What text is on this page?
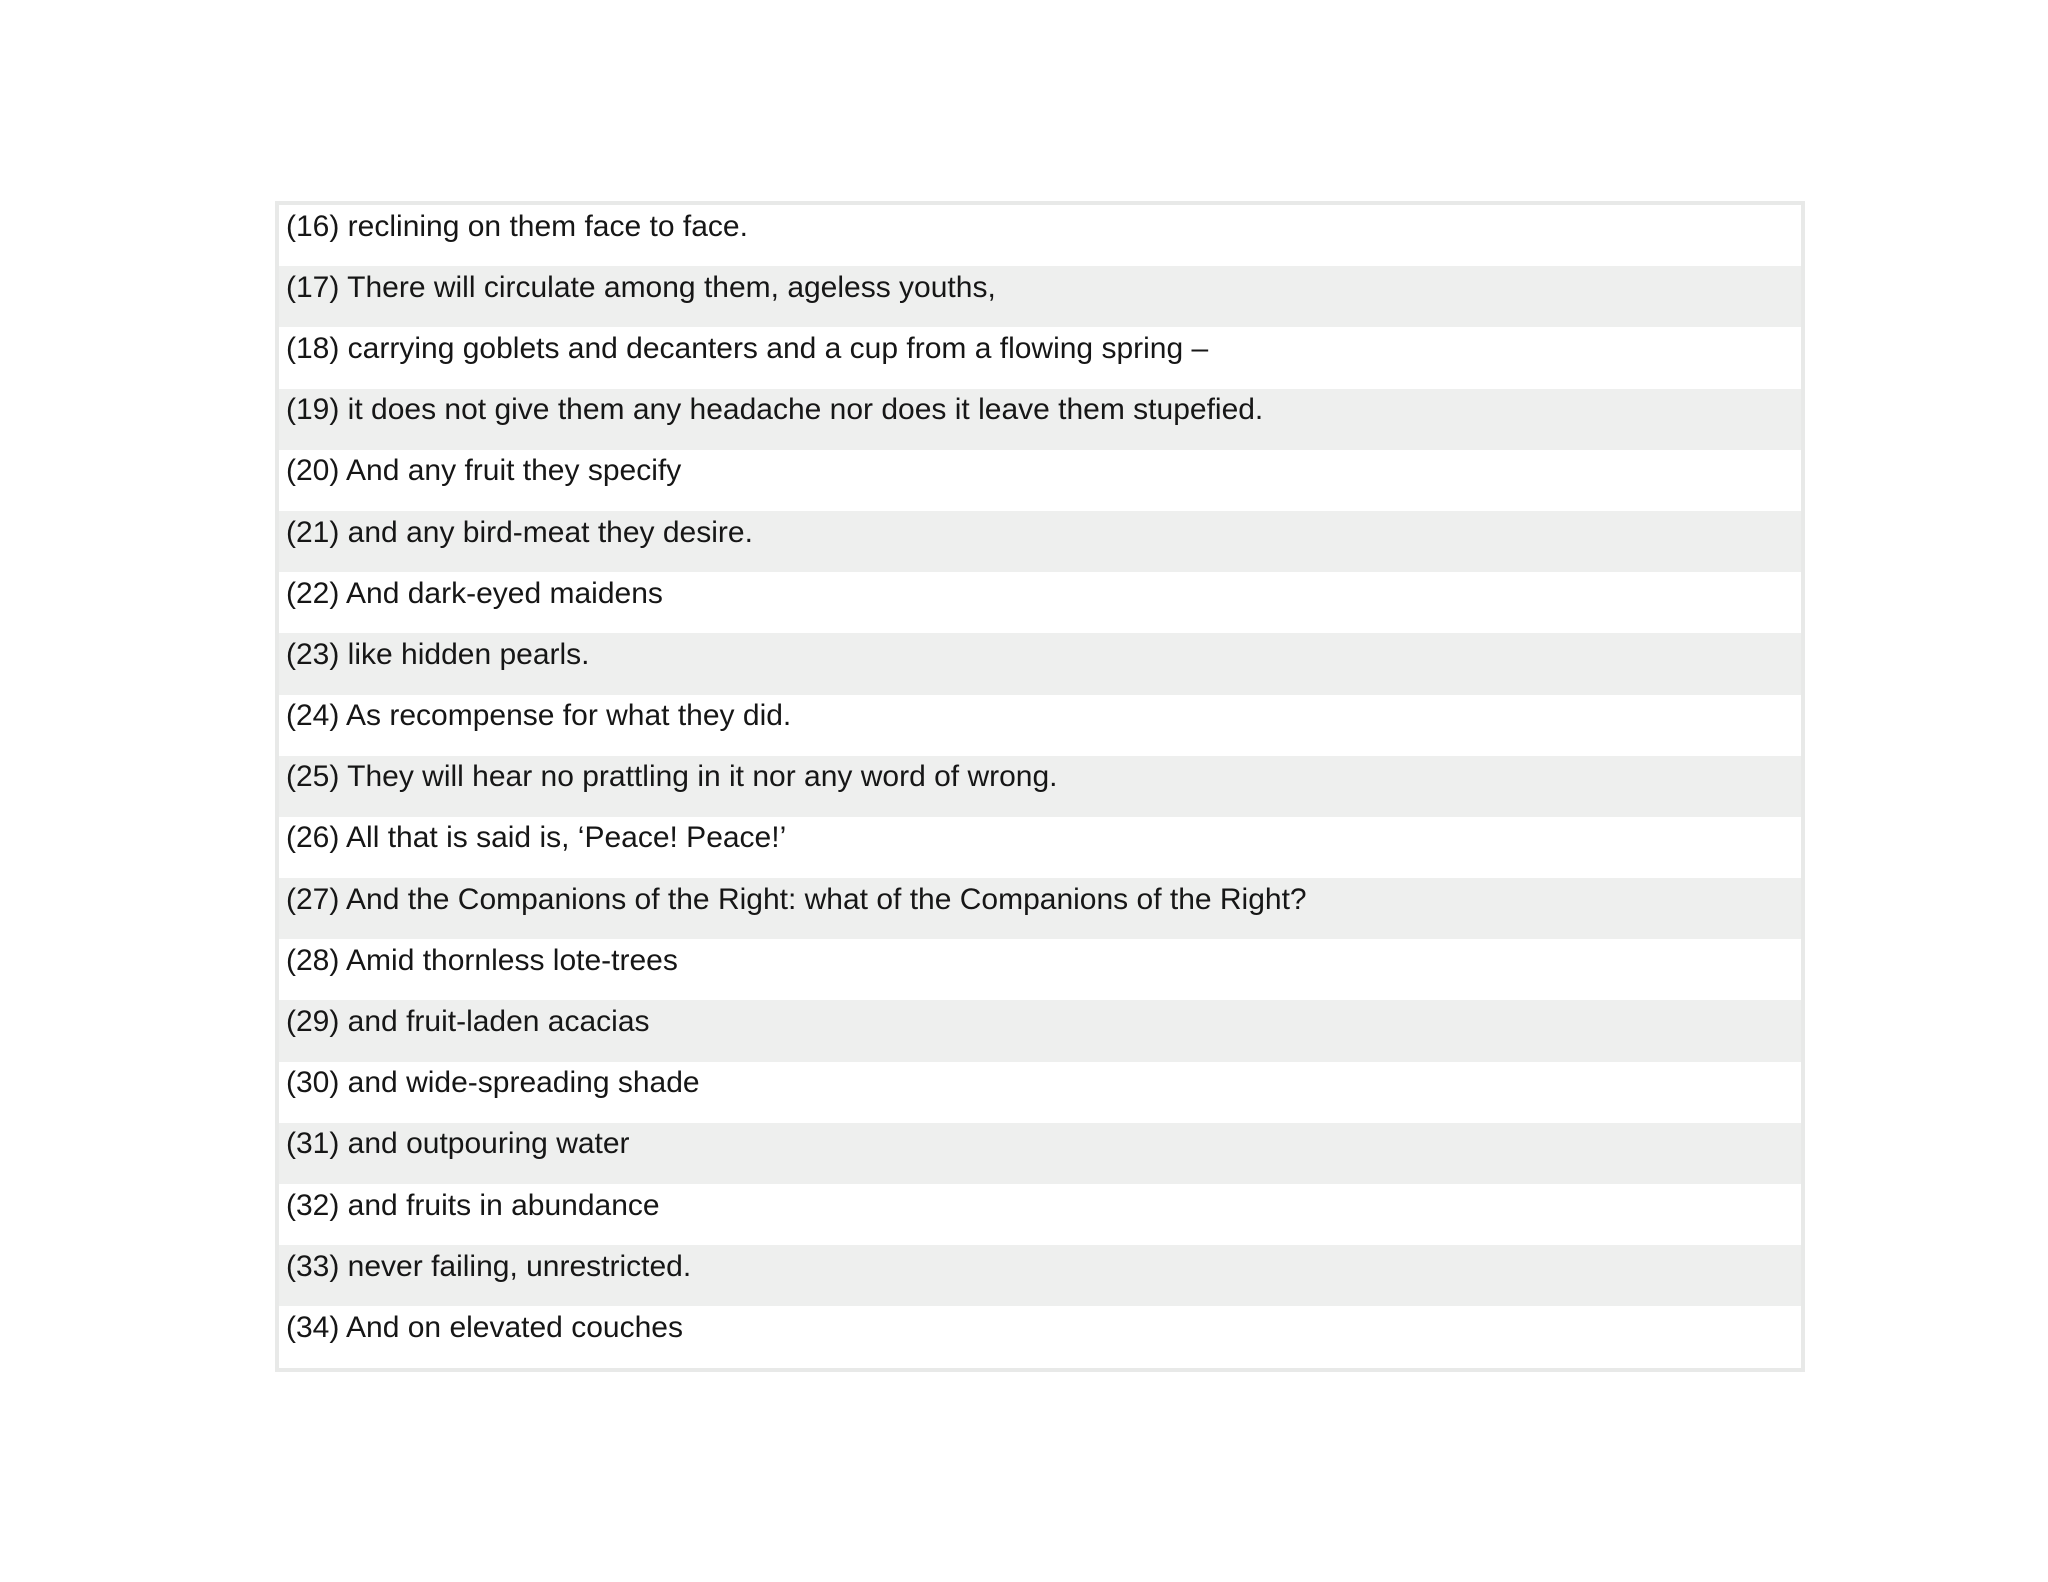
(16) reclining on them face to face.
(17) There will circulate among them, ageless youths,
(18) carrying goblets and decanters and a cup from a flowing spring –
(19) it does not give them any headache nor does it leave them stupefied.
(20) And any fruit they specify
(21) and any bird-meat they desire.
(22) And dark-eyed maidens
(23) like hidden pearls.
(24) As recompense for what they did.
(25) They will hear no prattling in it nor any word of wrong.
(26) All that is said is, ‘Peace! Peace!’
(27) And the Companions of the Right: what of the Companions of the Right?
(28) Amid thornless lote-trees
(29) and fruit-laden acacias
(30) and wide-spreading shade
(31) and outpouring water
(32) and fruits in abundance
(33) never failing, unrestricted.
(34) And on elevated couches
